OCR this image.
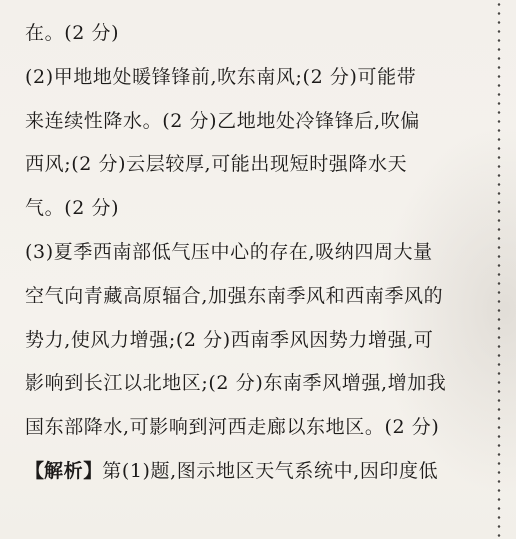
在。(2 分)
(2)甲地地处暖锋锋前,吹东南风;(2 分)可能带
来连续性降水。(2 分)乙地地处冷锋锋后,吹偏
西风;(2 分)云层较厚,可能出现短时强降水天
气。(2 分)
(3)夏季西南部低气压中心的存在,吸纳四周大量
空气向青藏高原辐合,加强东南季风和西南季风的
势力,使风力增强;(2 分)西南季风因势力增强,可
影响到长江以北地区;(2 分)东南季风增强,增加我
国东部降水,可影响到河西走廊以东地区。(2 分)
【解析】第(1)题,图示地区天气系统中,因印度低
